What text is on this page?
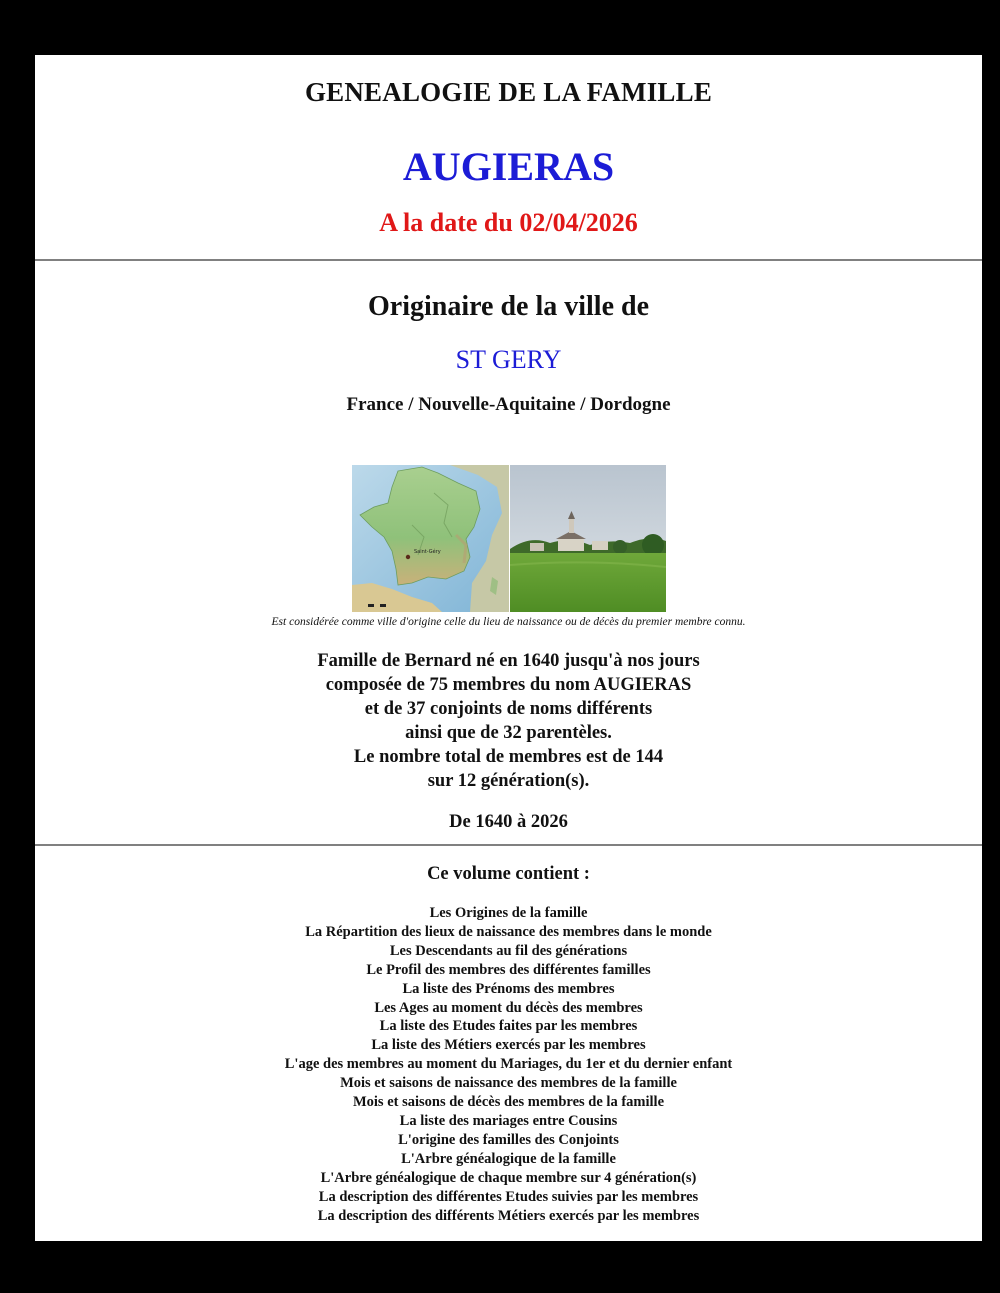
GENEALOGIE DE LA FAMILLE
AUGIERAS
A la date du 02/04/2026
Originaire de la ville de
ST GERY
France / Nouvelle-Aquitaine / Dordogne
Saint-Géry
Est considérée comme ville d'origine celle du lieu de naissance ou de décès du premier membre connu.
Famille de Bernard né en 1640 jusqu'à nos jours
composée de 75 membres du nom AUGIERAS
et de 37 conjoints de noms différents
ainsi que de 32 parentèles.
Le nombre total de membres est de 144
sur 12 génération(s).
De 1640 à 2026
Ce volume contient :
Les Origines de la famille
La Répartition des lieux de naissance des membres dans le monde
Les Descendants au fil des générations
Le Profil des membres des différentes familles
La liste des Prénoms des membres
Les Ages au moment du décès des membres
La liste des Etudes faites par les membres
La liste des Métiers exercés par les membres
L'age des membres au moment du Mariages, du 1er et du dernier enfant
Mois et saisons de naissance des membres de la famille
Mois et saisons de décès des membres de la famille
La liste des mariages entre Cousins
L'origine des familles des Conjoints
L'Arbre généalogique de la famille
L'Arbre généalogique de chaque membre sur 4 génération(s)
La description des différentes Etudes suivies par les membres
La description des différents Métiers exercés par les membres
